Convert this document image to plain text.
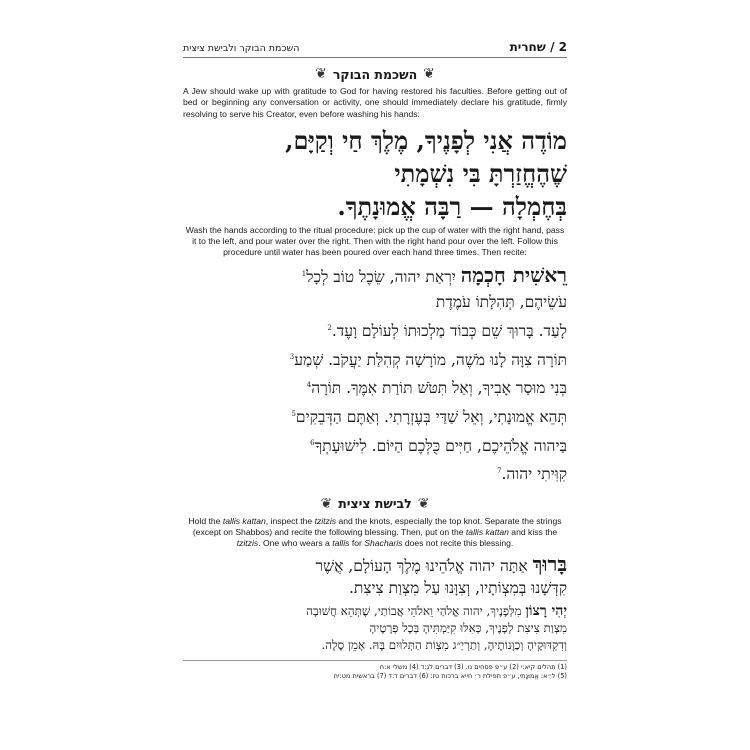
2 / שחרית
השכמת הבוקר ולבישת ציצית
❦
השכמת הבוקר
❦

A Jew should wake up with gratitude to God for having restored his faculties. Before getting out of bed or beginning any conversation or activity, one should immediately declare his gratitude, firmly resolving to serve his Creator, even before washing his hands:

מוֹדֶה אֲנִי לְפָנֶיךָ, מֶלֶךְ חַי וְקַיָּם,
שֶׁהֶחֱזַרְתָּ בִּי נִשְׁמָתִי
בְּחֶמְלָה — רַבָּה אֱמוּנָתֶךָ.

Wash the hands according to the ritual procedure: pick up the cup of water with the right hand, pass it to the left, and pour water over the right. Then with the right hand pour over the left. Follow this procedure until water has been poured over each hand three times. Then recite:

רֵאשִׁית חָכְמָה יִרְאַת יהוה, שֵׂכֶל טוֹב לְכָל$^1$
עֹשֵׂיהֶם, תְּהִלָּתוֹ עֹמֶדֶת
לָעַד. בָּרוּךְ שֵׁם כְּבוֹד מַלְכוּתוֹ לְעוֹלָם וָעֶד.$^2$
תּוֹרָה צִוָּה לָנוּ מֹשֶׁה, מוֹרָשָׁה קְהִלַּת יַעֲקֹב. שְׁמַע$^3$
בְּנִי מוּסַר אָבִיךָ, וְאַל תִּטֹּשׁ תּוֹרַת אִמֶּךָ. תּוֹרָה$^4$
תְּהֵא אֱמוּנָתִי, וְאֵל שַׁדַּי בְּעֶזְרָתִי. וְאַתֶּם הַדְּבֵקִים$^5$
בַּיהוה אֱלֹהֵיכֶם, חַיִּים כֻּלְּכֶם הַיּוֹם. לִישׁוּעָתְךָ$^6$
קִוִּיתִי יהוה.$^7$
❦
לבישת ציצית
❦

Hold the tallis kattan, inspect the tzitzis and the knots, especially the top knot. Separate the strings (except on Shabbos) and recite the following blessing. Then, put on the tallis kattan and kiss the tzitzis. One who wears a tallis for Shacharis does not recite this blessing.

בָּרוּךְ אַתָּה יהוה אֱלֹהֵינוּ מֶלֶךְ הָעוֹלָם, אֲשֶׁר
קִדְּשָׁנוּ בְּמִצְוֹתָיו, וְצִוָּנוּ עַל מִצְוַת צִיצִת.
יְהִי רָצוֹן מִלְּפָנֶיךָ, יהוה אֱלֹהַי וֵאלֹהֵי אֲבוֹתַי, שֶׁתְּהֵא חֲשׁוּבָה
מִצְוַת צִיצִת לְפָנֶיךָ, כְּאִלּוּ קִיַּמְתִּיהָ בְּכָל פְּרָטֶיהָ
וְדִקְדּוּקֶיהָ וְכַוָּנוֹתֶיהָ, וְתַרְיַ״ג מִצְוֹת הַתְּלוּיִם בָּהּ. אָמֵן סֶלָה.
(1) תהלים קיא:י (2) ע״פ פסחים נו. (3) דברים לג:ד (4) משלי א:ח
(5) ל״א: אֱמוּנָתִי, ע״פ תפילת ר׳ חייא ברכות טז: (6) דברים ד:ד (7) בראשית מט:יח
